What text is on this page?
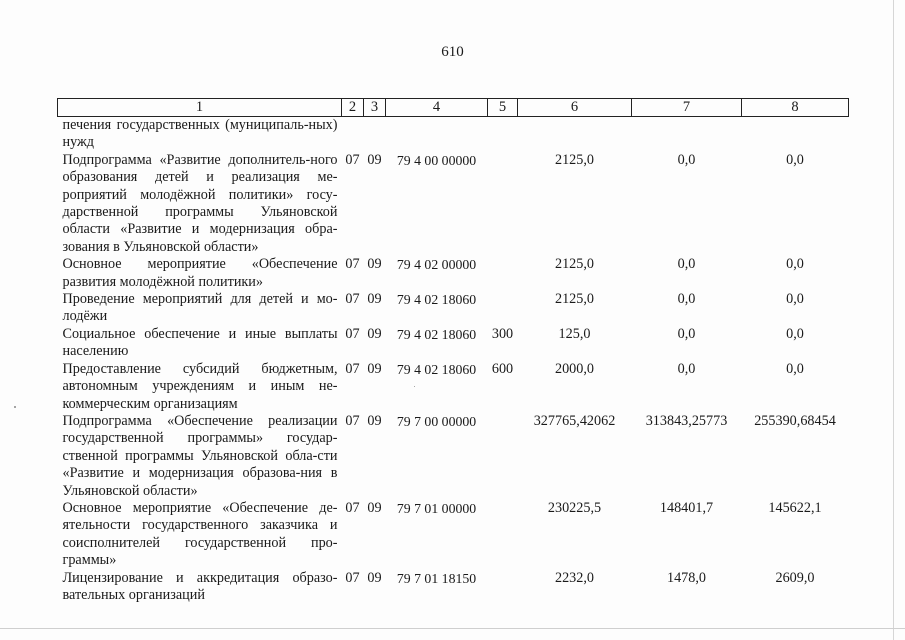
610
1	2	3	4	5	6	7	8
печения государственных (муниципаль-ных) нужд							
Подпрограмма «Развитие дополнитель-ного образования детей и реализация ме-роприятий молодёжной политики» госу-дарственной программы Ульяновской области «Развитие и модернизация обра-зования в Ульяновской области»	07	09	79 4 00 00000		2125,0	0,0	0,0
Основное мероприятие «Обеспечение развития молодёжной политики»	07	09	79 4 02 00000		2125,0	0,0	0,0
Проведение мероприятий для детей и мо-лодёжи	07	09	79 4 02 18060		2125,0	0,0	0,0
Социальное обеспечение и иные выплаты населению	07	09	79 4 02 18060	300	125,0	0,0	0,0
Предоставление субсидий бюджетным, автономным учреждениям и иным не-коммерческим организациям	07	09	79 4 02 18060	600	2000,0	0,0	0,0
Подпрограмма «Обеспечение реализации государственной программы» государ-ственной программы Ульяновской обла-сти «Развитие и модернизация образова-ния в Ульяновской области»	07	09	79 7 00 00000		327765,42062	313843,25773	255390,68454
Основное мероприятие «Обеспечение де-ятельности государственного заказчика и соисполнителей государственной про-граммы»	07	09	79 7 01 00000		230225,5	148401,7	145622,1
Лицензирование и аккредитация образо-вательных организаций	07	09	79 7 01 18150		2232,0	1478,0	2609,0
